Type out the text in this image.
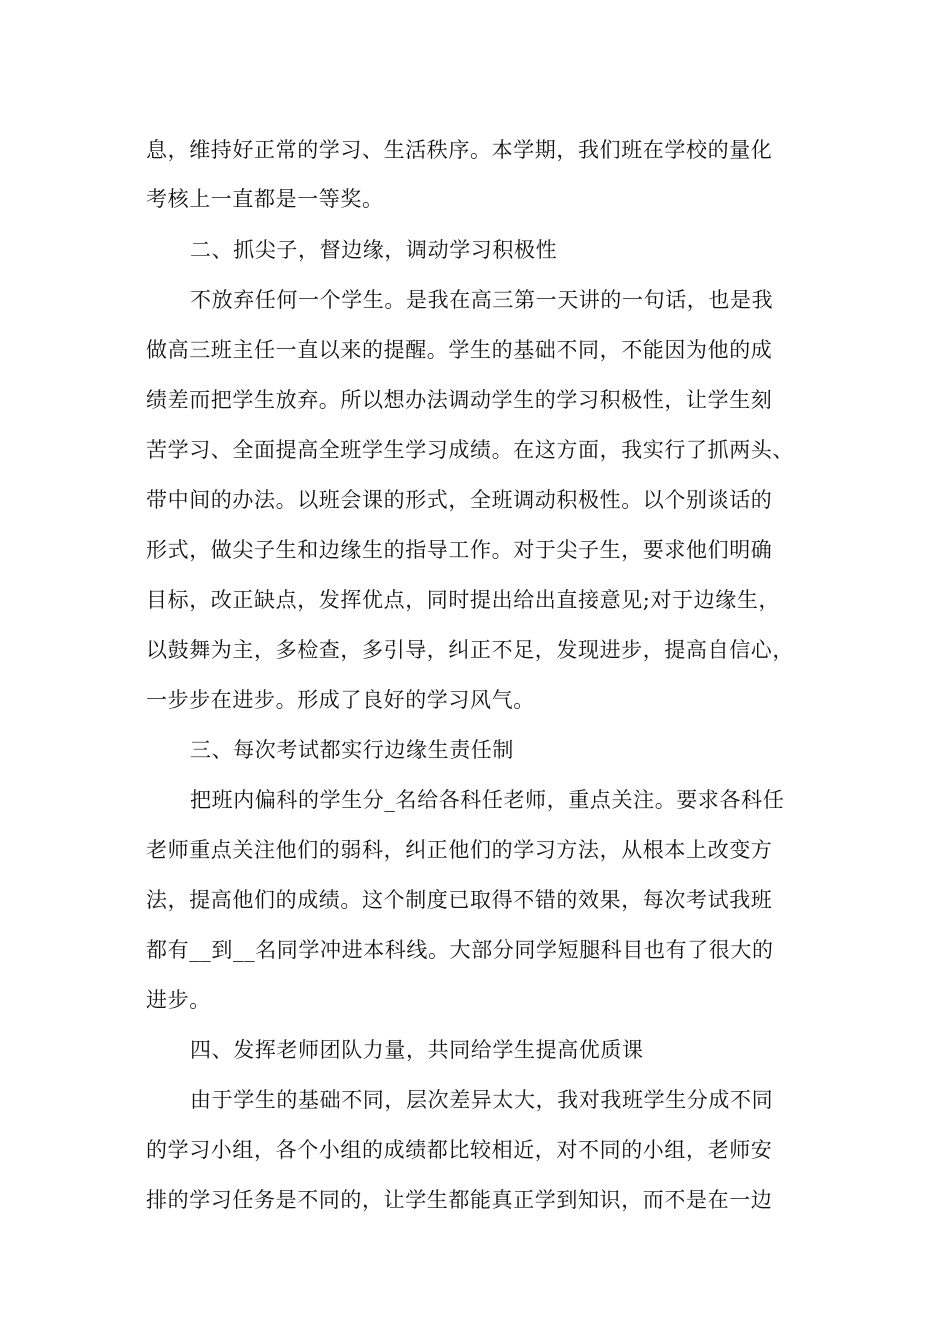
息，维持好正常的学习、生活秩序。本学期，我们班在学校的量化
考核上一直都是一等奖。
二、抓尖子，督边缘，调动学习积极性
不放弃任何一个学生。是我在高三第一天讲的一句话，也是我
做高三班主任一直以来的提醒。学生的基础不同，不能因为他的成
绩差而把学生放弃。所以想办法调动学生的学习积极性，让学生刻
苦学习、全面提高全班学生学习成绩。在这方面，我实行了抓两头、
带中间的办法。以班会课的形式，全班调动积极性。以个别谈话的
形式，做尖子生和边缘生的指导工作。对于尖子生，要求他们明确
目标，改正缺点，发挥优点，同时提出给出直接意见;对于边缘生，
以鼓舞为主，多检查，多引导，纠正不足，发现进步，提高自信心，
一步步在进步。形成了良好的学习风气。
三、每次考试都实行边缘生责任制
把班内偏科的学生分_名给各科任老师，重点关注。要求各科任
老师重点关注他们的弱科，纠正他们的学习方法，从根本上改变方
法，提高他们的成绩。这个制度已取得不错的效果，每次考试我班
都有__到__名同学冲进本科线。大部分同学短腿科目也有了很大的
进步。
四、发挥老师团队力量，共同给学生提高优质课
由于学生的基础不同，层次差异太大，我对我班学生分成不同
的学习小组，各个小组的成绩都比较相近，对不同的小组，老师安
排的学习任务是不同的，让学生都能真正学到知识，而不是在一边
